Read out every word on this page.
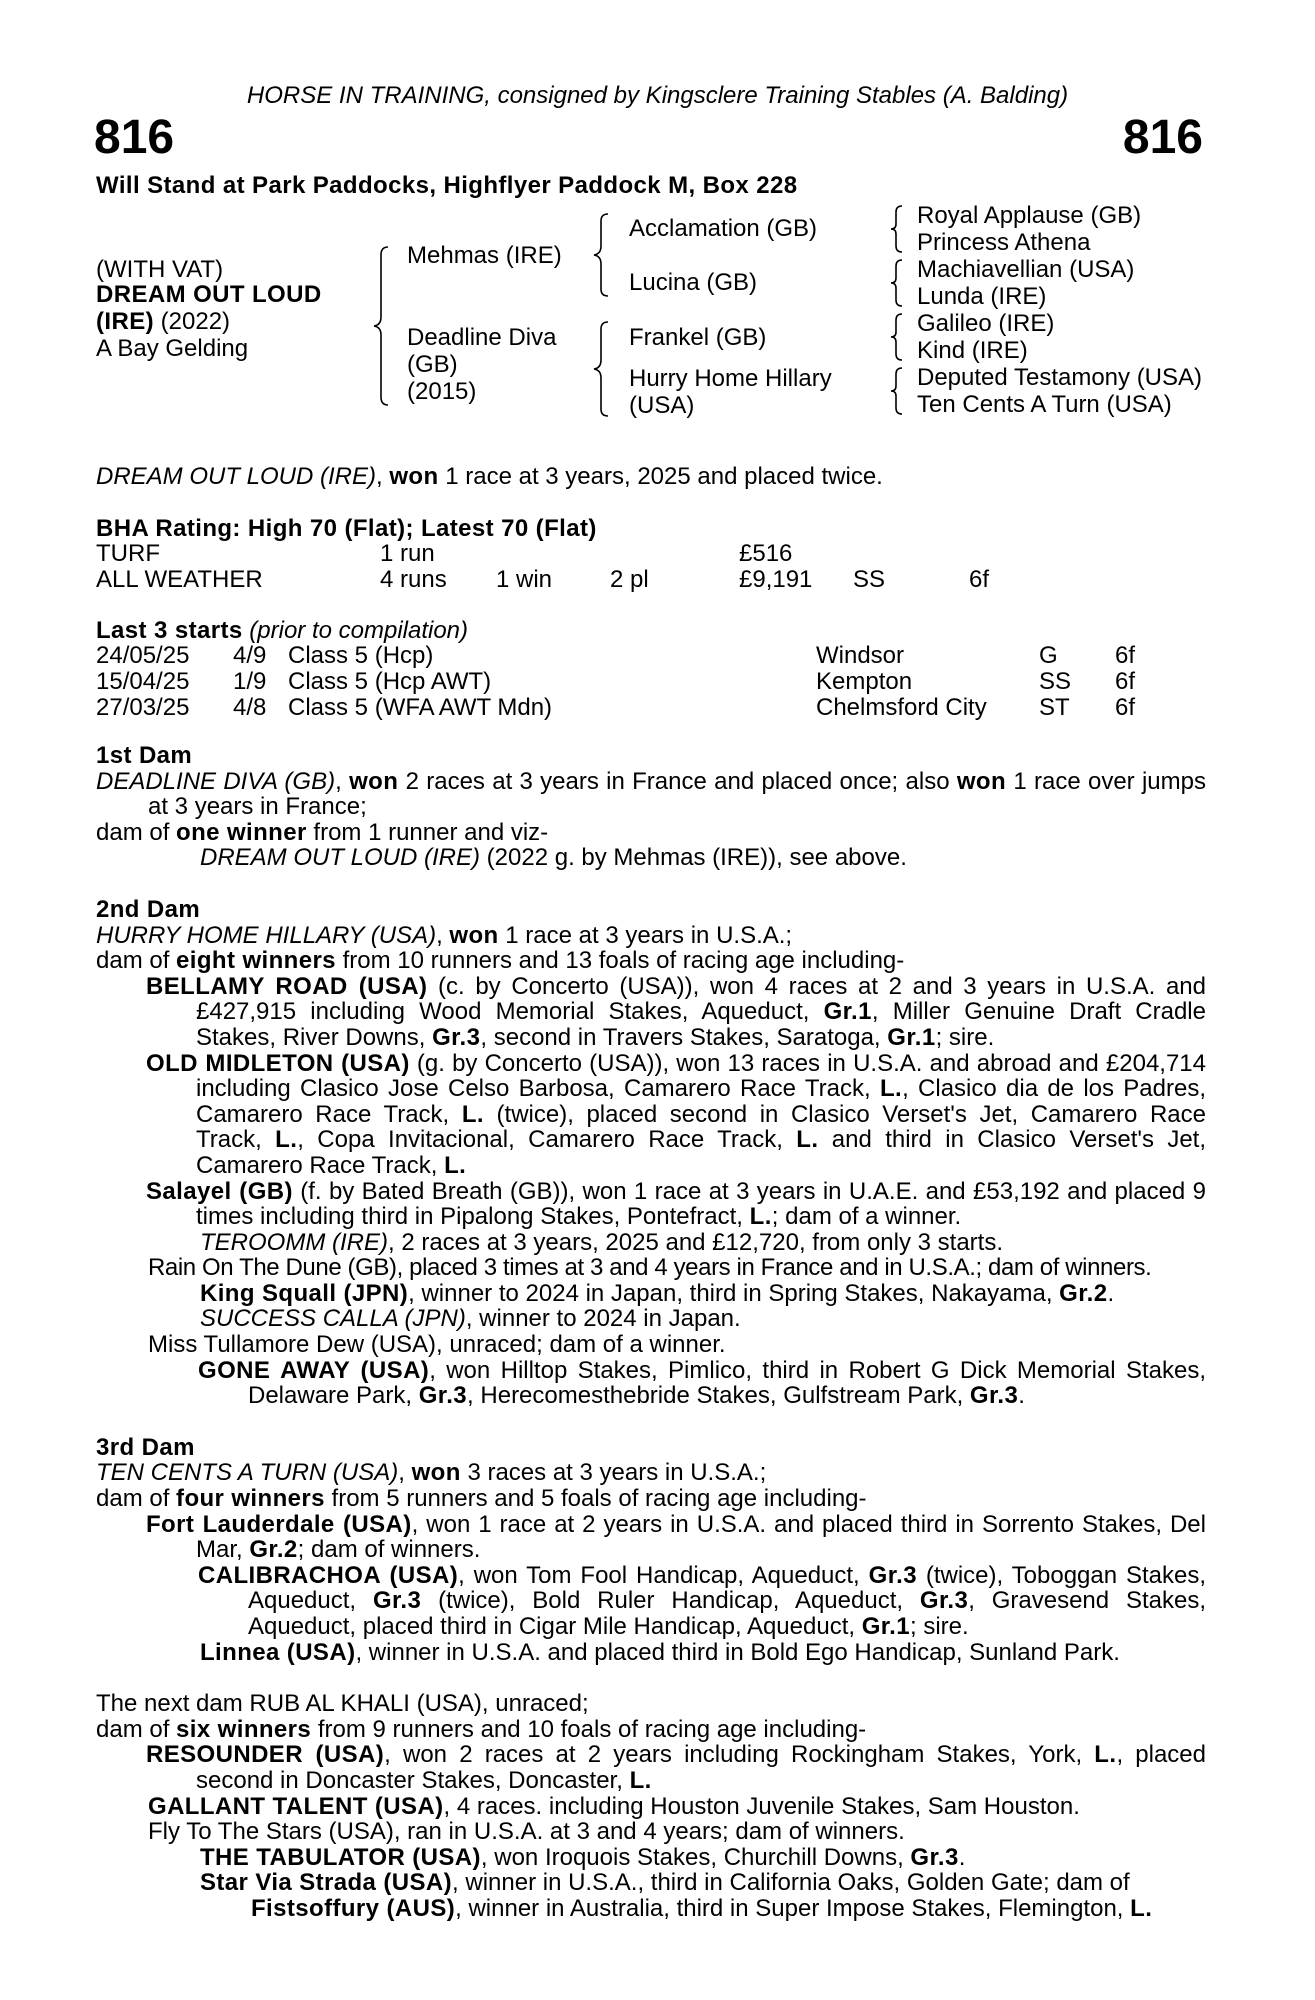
HORSE IN TRAINING, consigned by Kingsclere Training Stables (A. Balding)
816	816
Will Stand at Park Paddocks, Highflyer Paddock M, Box 228
(WITH VAT)
DREAM OUT LOUD
(IRE) (2022)
A Bay Gelding
Mehmas (IRE)
Deadline Diva
(GB)
(2015)
Acclamation (GB)
Lucina (GB)
Frankel (GB)
Hurry Home Hillary
(USA)
Royal Applause (GB)
Princess Athena
Machiavellian (USA)
Lunda (IRE)
Galileo (IRE)
Kind (IRE)
Deputed Testamony (USA)
Ten Cents A Turn (USA)
DREAM OUT LOUD (IRE), won 1 race at 3 years, 2025 and placed twice.
BHA Rating: High 70 (Flat); Latest 70 (Flat)
TURF	1 run	£516
ALL WEATHER	4 runs 1 win 2 pl	£9,191 SS	6f
Last 3 starts (prior to compilation)
24/05/25 4/9 Class 5 (Hcp)	Windsor	G 6f
15/04/25 1/9 Class 5 (Hcp AWT)	Kempton	SS 6f
27/03/25 4/8 Class 5 (WFA AWT Mdn)	Chelmsford City ST 6f

1st Dam

DEADLINE DIVA (GB), won 2 races at 3 years in France and placed once; also won 1 race over jumps at 3 years in France;

dam of one winner from 1 runner and viz-

DREAM OUT LOUD (IRE) (2022 g. by Mehmas (IRE)), see above.

2nd Dam

HURRY HOME HILLARY (USA), won 1 race at 3 years in U.S.A.;

dam of eight winners from 10 runners and 13 foals of racing age including-

BELLAMY ROAD (USA) (c. by Concerto (USA)), won 4 races at 2 and 3 years in U.S.A. and £427,915 including Wood Memorial Stakes, Aqueduct, Gr.1, Miller Genuine Draft Cradle Stakes, River Downs, Gr.3, second in Travers Stakes, Saratoga, Gr.1; sire.

OLD MIDLETON (USA) (g. by Concerto (USA)), won 13 races in U.S.A. and abroad and £204,714 including Clasico Jose Celso Barbosa, Camarero Race Track, L., Clasico dia de los Padres, Camarero Race Track, L. (twice), placed second in Clasico Verset's Jet, Camarero Race Track, L., Copa Invitacional, Camarero Race Track, L. and third in Clasico Verset's Jet, Camarero Race Track, L.

Salayel (GB) (f. by Bated Breath (GB)), won 1 race at 3 years in U.A.E. and £53,192 and placed 9 times including third in Pipalong Stakes, Pontefract, L.; dam of a winner.

TEROOMM (IRE), 2 races at 3 years, 2025 and £12,720, from only 3 starts.

Rain On The Dune (GB), placed 3 times at 3 and 4 years in France and in U.S.A.; dam of winners.

King Squall (JPN), winner to 2024 in Japan, third in Spring Stakes, Nakayama, Gr.2.

SUCCESS CALLA (JPN), winner to 2024 in Japan.

Miss Tullamore Dew (USA), unraced; dam of a winner.

GONE AWAY (USA), won Hilltop Stakes, Pimlico, third in Robert G Dick Memorial Stakes, Delaware Park, Gr.3, Herecomesthebride Stakes, Gulfstream Park, Gr.3.

3rd Dam

TEN CENTS A TURN (USA), won 3 races at 3 years in U.S.A.;

dam of four winners from 5 runners and 5 foals of racing age including-

Fort Lauderdale (USA), won 1 race at 2 years in U.S.A. and placed third in Sorrento Stakes, Del Mar, Gr.2; dam of winners.

CALIBRACHOA (USA), won Tom Fool Handicap, Aqueduct, Gr.3 (twice), Toboggan Stakes, Aqueduct, Gr.3 (twice), Bold Ruler Handicap, Aqueduct, Gr.3, Gravesend Stakes, Aqueduct, placed third in Cigar Mile Handicap, Aqueduct, Gr.1; sire.

Linnea (USA), winner in U.S.A. and placed third in Bold Ego Handicap, Sunland Park.

The next dam RUB AL KHALI (USA), unraced;

dam of six winners from 9 runners and 10 foals of racing age including-

RESOUNDER (USA), won 2 races at 2 years including Rockingham Stakes, York, L., placed second in Doncaster Stakes, Doncaster, L.

GALLANT TALENT (USA), 4 races. including Houston Juvenile Stakes, Sam Houston.

Fly To The Stars (USA), ran in U.S.A. at 3 and 4 years; dam of winners.

THE TABULATOR (USA), won Iroquois Stakes, Churchill Downs, Gr.3.

Star Via Strada (USA), winner in U.S.A., third in California Oaks, Golden Gate; dam of

Fistsoffury (AUS), winner in Australia, third in Super Impose Stakes, Flemington, L.
